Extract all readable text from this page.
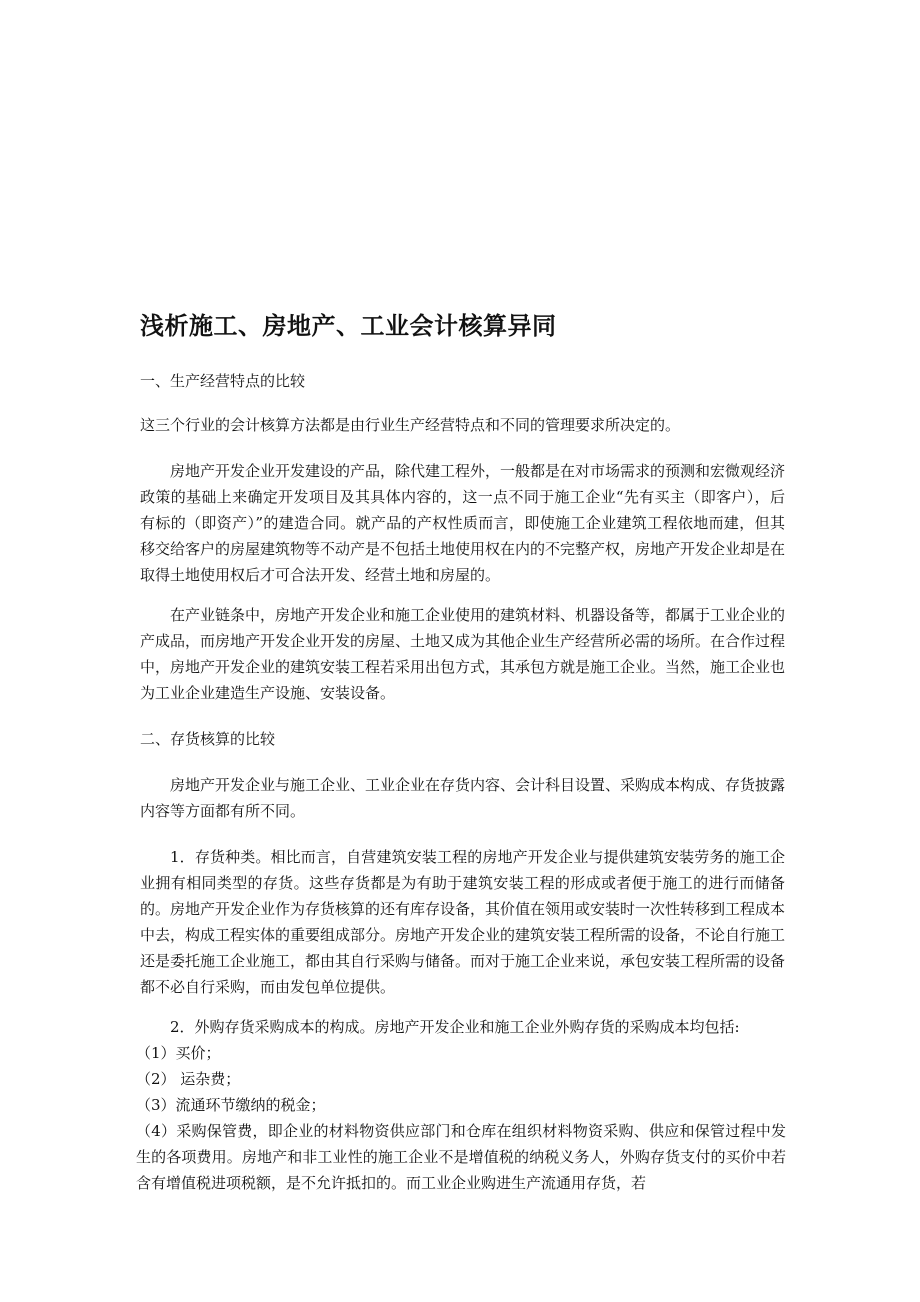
浅析施工、房地产、工业会计核算异同
一、生产经营特点的比较
这三个行业的会计核算方法都是由行业生产经营特点和不同的管理要求所决定的。
房地产开发企业开发建设的产品，除代建工程外，一般都是在对市场需求的预测和宏微观经济政策的基础上来确定开发项目及其具体内容的，这一点不同于施工企业“先有买主（即客户），后有标的（即资产）”的建造合同。就产品的产权性质而言，即使施工企业建筑工程依地而建，但其移交给客户的房屋建筑物等不动产是不包括土地使用权在内的不完整产权，房地产开发企业却是在取得土地使用权后才可合法开发、经营土地和房屋的。
在产业链条中，房地产开发企业和施工企业使用的建筑材料、机器设备等，都属于工业企业的产成品，而房地产开发企业开发的房屋、土地又成为其他企业生产经营所必需的场所。在合作过程中，房地产开发企业的建筑安装工程若采用出包方式，其承包方就是施工企业。当然，施工企业也为工业企业建造生产设施、安装设备。
二、存货核算的比较
房地产开发企业与施工企业、工业企业在存货内容、会计科目设置、采购成本构成、存货披露内容等方面都有所不同。
1．存货种类。相比而言，自营建筑安装工程的房地产开发企业与提供建筑安装劳务的施工企业拥有相同类型的存货。这些存货都是为有助于建筑安装工程的形成或者便于施工的进行而储备的。房地产开发企业作为存货核算的还有库存设备，其价值在领用或安装时一次性转移到工程成本中去，构成工程实体的重要组成部分。房地产开发企业的建筑安装工程所需的设备，不论自行施工还是委托施工企业施工，都由其自行采购与储备。而对于施工企业来说，承包安装工程所需的设备都不必自行采购，而由发包单位提供。
2．外购存货采购成本的构成。房地产开发企业和施工企业外购存货的采购成本均包括:
（1）买价；
（2） 运杂费；
（3）流通环节缴纳的税金；
（4）采购保管费，即企业的材料物资供应部门和仓库在组织材料物资采购、供应和保管过程中发生的各项费用。房地产和非工业性的施工企业不是增值税的纳税义务人，外购存货支付的买价中若含有增值税进项税额，是不允许抵扣的。而工业企业购进生产流通用存货，若
